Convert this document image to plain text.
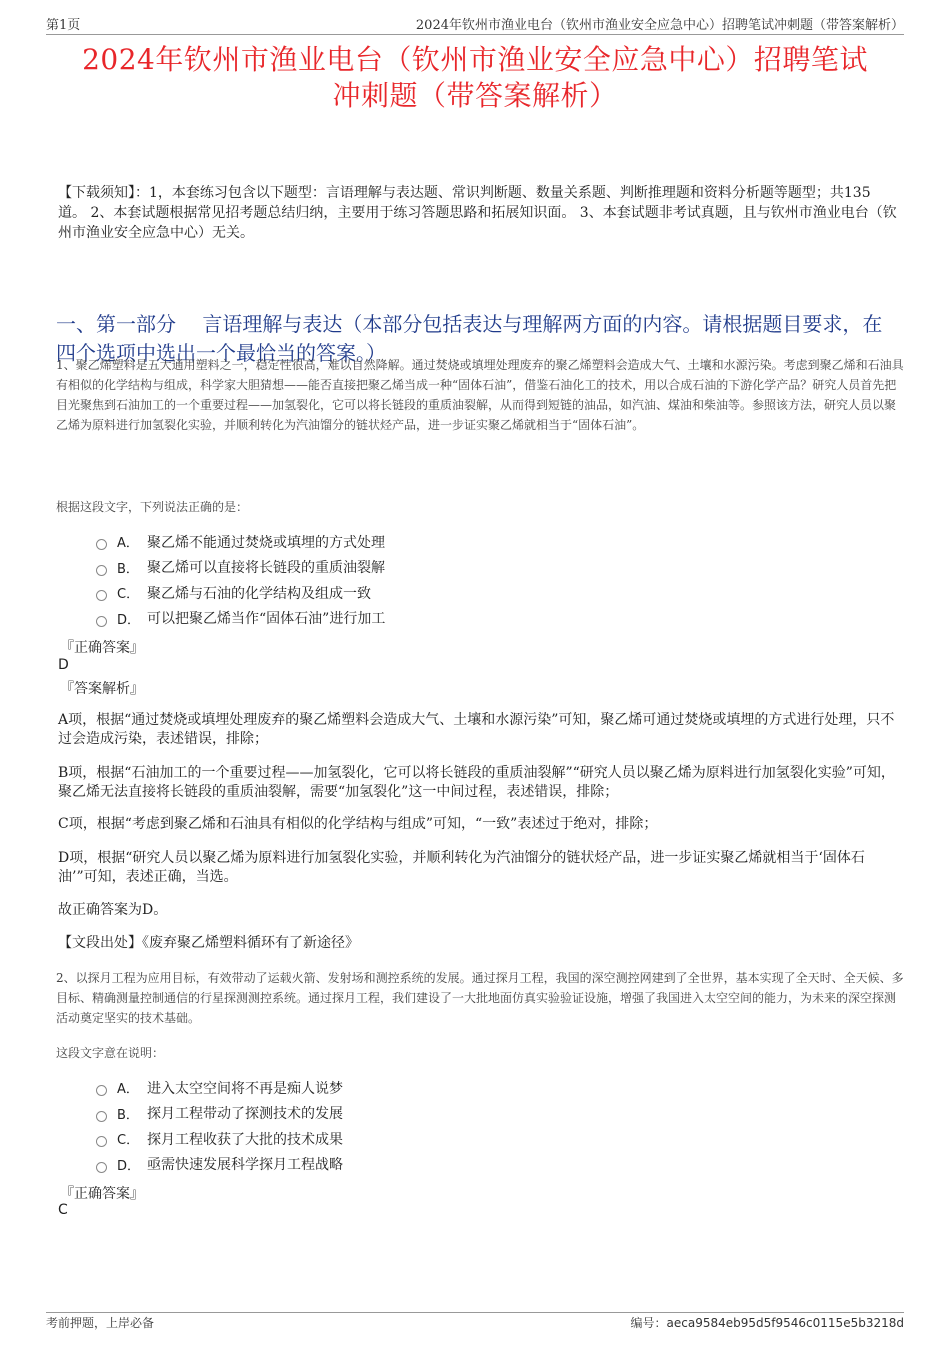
第1页	2024年钦州市渔业电台（钦州市渔业安全应急中心）招聘笔试冲刺题（带答案解析）
2024年钦州市渔业电台（钦州市渔业安全应急中心）招聘笔试
冲刺题（带答案解析）
【下载须知】：1，本套练习包含以下题型：言语理解与表达题、常识判断题、数量关系题、判断推理题和资料分析题等题型；共135道。 2、本套试题根据常见招考题总结归纳，主要用于练习答题思路和拓展知识面。 3、本套试题非考试真题，且与钦州市渔业电台（钦州市渔业安全应急中心）无关。
一、第一部分　 言语理解与表达（本部分包括表达与理解两方面的内容。请根据题目要求，在四个选项中选出一个最恰当的答案。）
1、聚乙烯塑料是五大通用塑料之一，稳定性很高，难以自然降解。通过焚烧或填埋处理废弃的聚乙烯塑料会造成大气、土壤和水源污染。考虑到聚乙烯和石油具有相似的化学结构与组成，科学家大胆猜想——能否直接把聚乙烯当成一种“固体石油”，借鉴石油化工的技术，用以合成石油的下游化学产品？研究人员首先把目光聚焦到石油加工的一个重要过程——加氢裂化，它可以将长链段的重质油裂解，从而得到短链的油品，如汽油、煤油和柴油等。参照该方法，研究人员以聚乙烯为原料进行加氢裂化实验，并顺利转化为汽油馏分的链状烃产品，进一步证实聚乙烯就相当于“固体石油”。
根据这段文字，下列说法正确的是：
A． 聚乙烯不能通过焚烧或填埋的方式处理
B． 聚乙烯可以直接将长链段的重质油裂解
C． 聚乙烯与石油的化学结构及组成一致
D． 可以把聚乙烯当作“固体石油”进行加工
『正确答案』
D
『答案解析』
A项，根据“通过焚烧或填埋处理废弃的聚乙烯塑料会造成大气、土壤和水源污染”可知，聚乙烯可通过焚烧或填埋的方式进行处理，只不过会造成污染，表述错误，排除；
B项，根据“石油加工的一个重要过程——加氢裂化，它可以将长链段的重质油裂解”“研究人员以聚乙烯为原料进行加氢裂化实验”可知，聚乙烯无法直接将长链段的重质油裂解，需要“加氢裂化”这一中间过程，表述错误，排除；
C项，根据“考虑到聚乙烯和石油具有相似的化学结构与组成”可知，“一致”表述过于绝对，排除；
D项，根据“研究人员以聚乙烯为原料进行加氢裂化实验，并顺利转化为汽油馏分的链状烃产品，进一步证实聚乙烯就相当于‘固体石油’”可知，表述正确，当选。
故正确答案为D。
【文段出处】《废弃聚乙烯塑料循环有了新途径》
2、以探月工程为应用目标，有效带动了运载火箭、发射场和测控系统的发展。通过探月工程，我国的深空测控网建到了全世界，基本实现了全天时、全天候、多目标、精确测量控制通信的行星探测测控系统。通过探月工程，我们建设了一大批地面仿真实验验证设施，增强了我国进入太空空间的能力，为未来的深空探测活动奠定坚实的技术基础。
这段文字意在说明：
A． 进入太空空间将不再是痴人说梦
B． 探月工程带动了探测技术的发展
C． 探月工程收获了大批的技术成果
D． 亟需快速发展科学探月工程战略
『正确答案』
C
考前押题，上岸必备	编号：aeca9584eb95d5f9546c0115e5b3218d
